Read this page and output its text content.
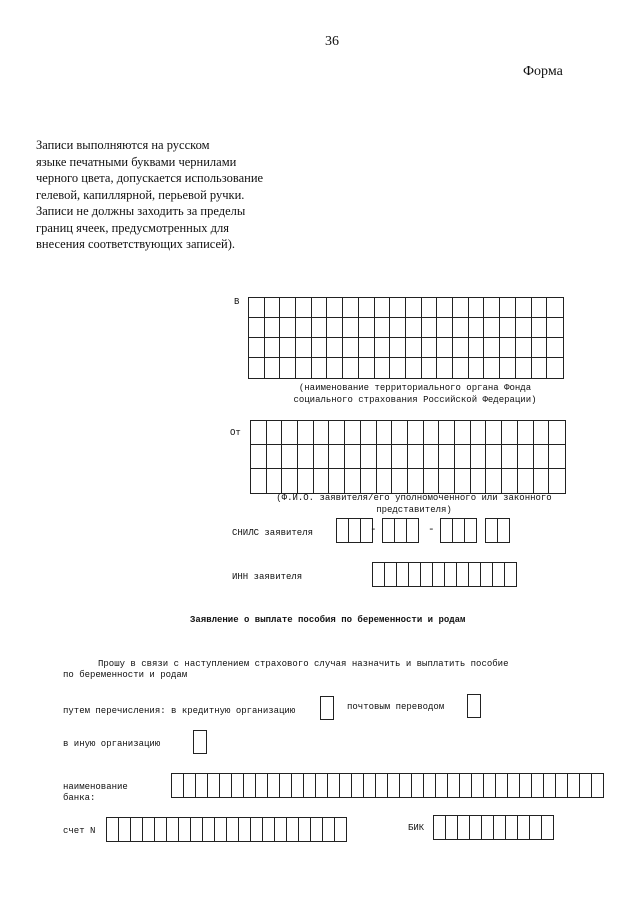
36
Форма
Записи выполняются на русском
языке печатными буквами чернилами
черного цвета, допускается использование
гелевой, капиллярной, перьевой ручки.
Записи не должны заходить за пределы
границ ячеек, предусмотренных для
внесения соответствующих записей).
В
(наименование территориального органа Фонда
социального страхования Российской Федерации)
От
(Ф.И.О. заявителя/его уполномоченного или законного
представителя)
СНИЛС заявителя	-	-
ИНН заявителя
Заявление о выплате пособия по беременности и родам
Прошу в связи с наступлением страхового случая назначить и выплатить пособие
по беременности и родам
путем перечисления: в кредитную организацию	почтовым переводом
в иную организацию
наименование
банка:
счет N	БИК
